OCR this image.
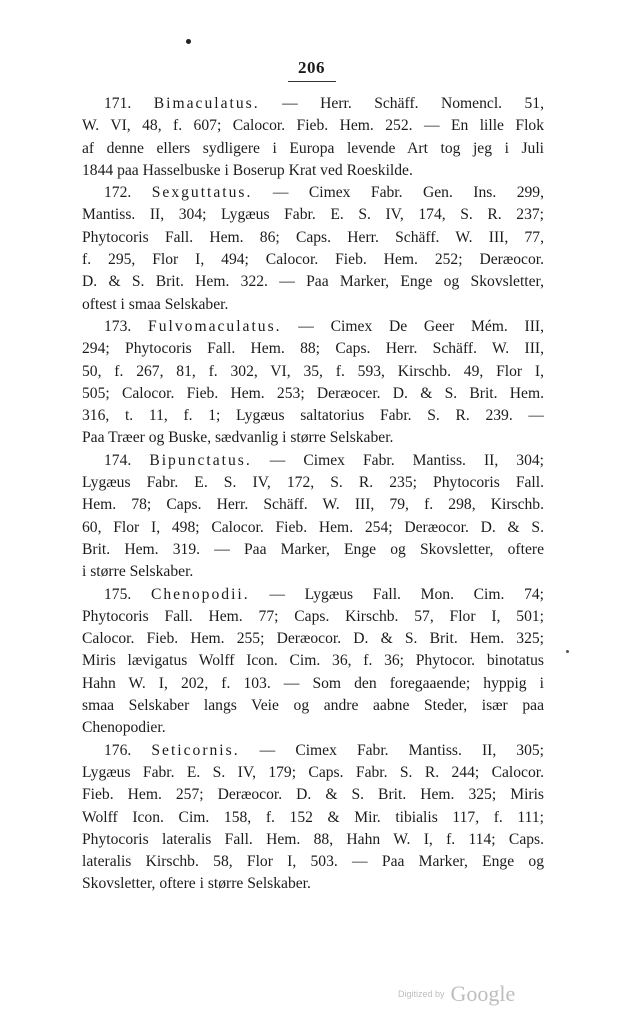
206
171. Bimaculatus. — Herr. Schäff. Nomencl. 51,
W. VI, 48, f. 607; Calocor. Fieb. Hem. 252. — En lille Flok
af denne ellers sydligere i Europa levende Art tog jeg i Juli
1844 paa Hasselbuske i Boserup Krat ved Roeskilde.
172. Sexguttatus. — Cimex Fabr. Gen. Ins. 299,
Mantiss. II, 304; Lygæus Fabr. E. S. IV, 174, S. R. 237;
Phytocoris Fall. Hem. 86; Caps. Herr. Schäff. W. III, 77,
f. 295, Flor I, 494; Calocor. Fieb. Hem. 252; Deræocor.
D. & S. Brit. Hem. 322. — Paa Marker, Enge og Skovsletter,
oftest i smaa Selskaber.
173. Fulvomaculatus. — Cimex De Geer Mém. III,
294; Phytocoris Fall. Hem. 88; Caps. Herr. Schäff. W. III,
50, f. 267, 81, f. 302, VI, 35, f. 593, Kirschb. 49, Flor I,
505; Calocor. Fieb. Hem. 253; Deræocer. D. & S. Brit. Hem.
316, t. 11, f. 1; Lygæus saltatorius Fabr. S. R. 239. —
Paa Træer og Buske, sædvanlig i større Selskaber.
174. Bipunctatus. — Cimex Fabr. Mantiss. II, 304;
Lygæus Fabr. E. S. IV, 172, S. R. 235; Phytocoris Fall.
Hem. 78; Caps. Herr. Schäff. W. III, 79, f. 298, Kirschb.
60, Flor I, 498; Calocor. Fieb. Hem. 254; Deræocor. D. & S.
Brit. Hem. 319. — Paa Marker, Enge og Skovsletter, oftere
i større Selskaber.
175. Chenopodii. — Lygæus Fall. Mon. Cim. 74;
Phytocoris Fall. Hem. 77; Caps. Kirschb. 57, Flor I, 501;
Calocor. Fieb. Hem. 255; Deræocor. D. & S. Brit. Hem. 325;
Miris lævigatus Wolff Icon. Cim. 36, f. 36; Phytocor. binotatus
Hahn W. I, 202, f. 103. — Som den foregaaende; hyppig i
smaa Selskaber langs Veie og andre aabne Steder, især paa
Chenopodier.
176. Seticornis. — Cimex Fabr. Mantiss. II, 305;
Lygæus Fabr. E. S. IV, 179; Caps. Fabr. S. R. 244; Calocor.
Fieb. Hem. 257; Deræocor. D. & S. Brit. Hem. 325; Miris
Wolff Icon. Cim. 158, f. 152 & Mir. tibialis 117, f. 111;
Phytocoris lateralis Fall. Hem. 88, Hahn W. I, f. 114; Caps.
lateralis Kirschb. 58, Flor I, 503. — Paa Marker, Enge og
Skovsletter, oftere i større Selskaber.
Digitized by Google
